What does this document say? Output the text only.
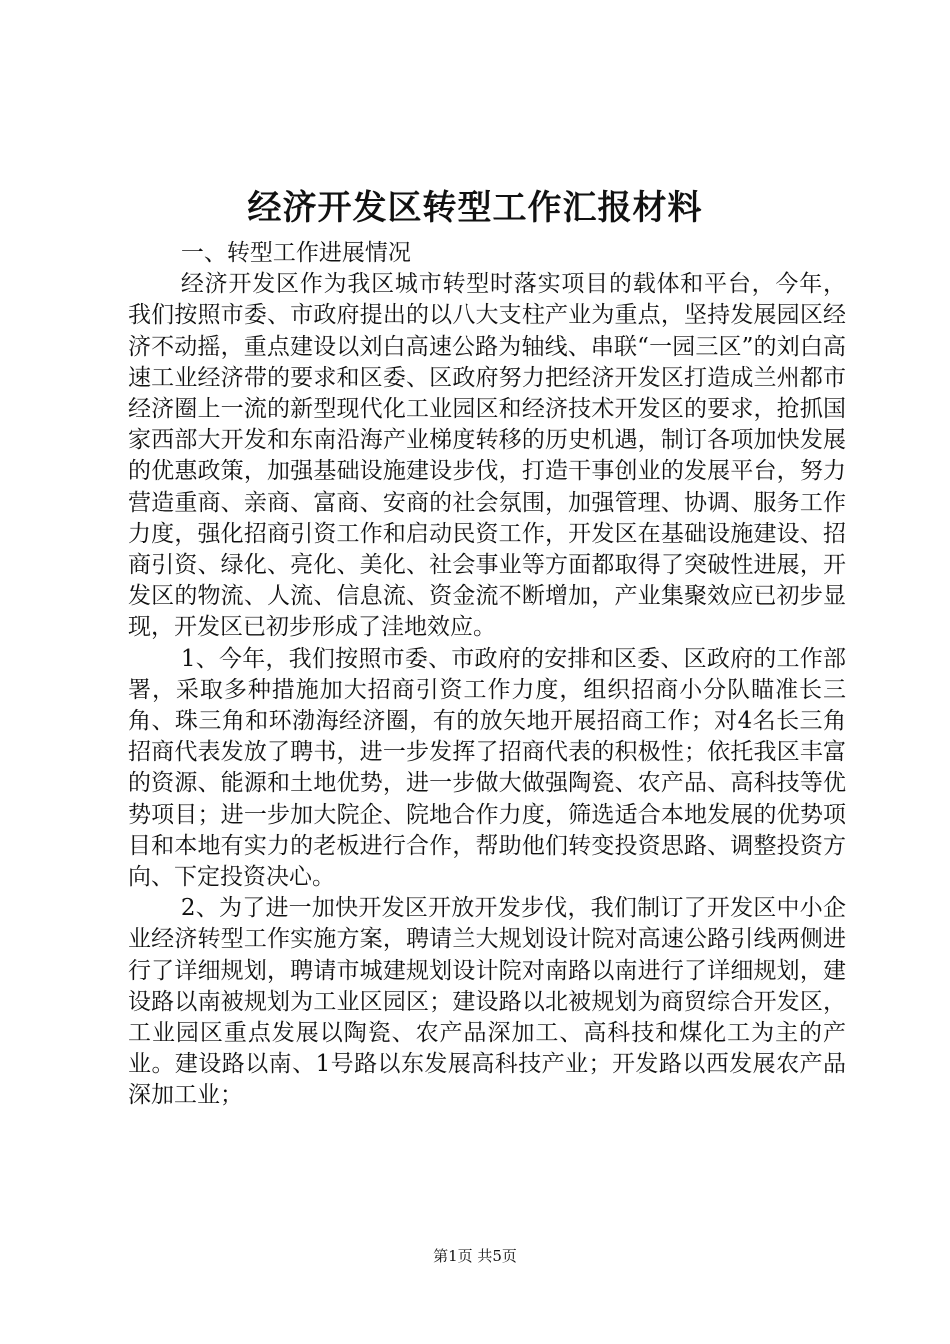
经济开发区转型工作汇报材料

一、转型工作进展情况

经济开发区作为我区城市转型时落实项目的载体和平台，今年，我们按照市委、市政府提出的以八大支柱产业为重点，坚持发展园区经济不动摇，重点建设以刘白高速公路为轴线、串联“一园三区”的刘白高速工业经济带的要求和区委、区政府努力把经济开发区打造成兰州都市经济圈上一流的新型现代化工业园区和经济技术开发区的要求，抢抓国家西部大开发和东南沿海产业梯度转移的历史机遇，制订各项加快发展的优惠政策，加强基础设施建设步伐，打造干事创业的发展平台，努力营造重商、亲商、富商、安商的社会氛围，加强管理、协调、服务工作力度，强化招商引资工作和启动民资工作，开发区在基础设施建设、招商引资、绿化、亮化、美化、社会事业等方面都取得了突破性进展，开发区的物流、人流、信息流、资金流不断增加，产业集聚效应已初步显现，开发区已初步形成了洼地效应。

1、今年，我们按照市委、市政府的安排和区委、区政府的工作部署，采取多种措施加大招商引资工作力度，组织招商小分队瞄准长三角、珠三角和环渤海经济圈，有的放矢地开展招商工作；对4名长三角招商代表发放了聘书，进一步发挥了招商代表的积极性；依托我区丰富的资源、能源和土地优势，进一步做大做强陶瓷、农产品、高科技等优势项目；进一步加大院企、院地合作力度，筛选适合本地发展的优势项目和本地有实力的老板进行合作，帮助他们转变投资思路、调整投资方向、下定投资决心。

2、为了进一加快开发区开放开发步伐，我们制订了开发区中小企业经济转型工作实施方案，聘请兰大规划设计院对高速公路引线两侧进行了详细规划，聘请市城建规划设计院对南路以南进行了详细规划，建设路以南被规划为工业区园区；建设路以北被规划为商贸综合开发区，工业园区重点发展以陶瓷、农产品深加工、高科技和煤化工为主的产业。建设路以南、1号路以东发展高科技产业；开发路以西发展农产品深加工业；

第1页 共5页
